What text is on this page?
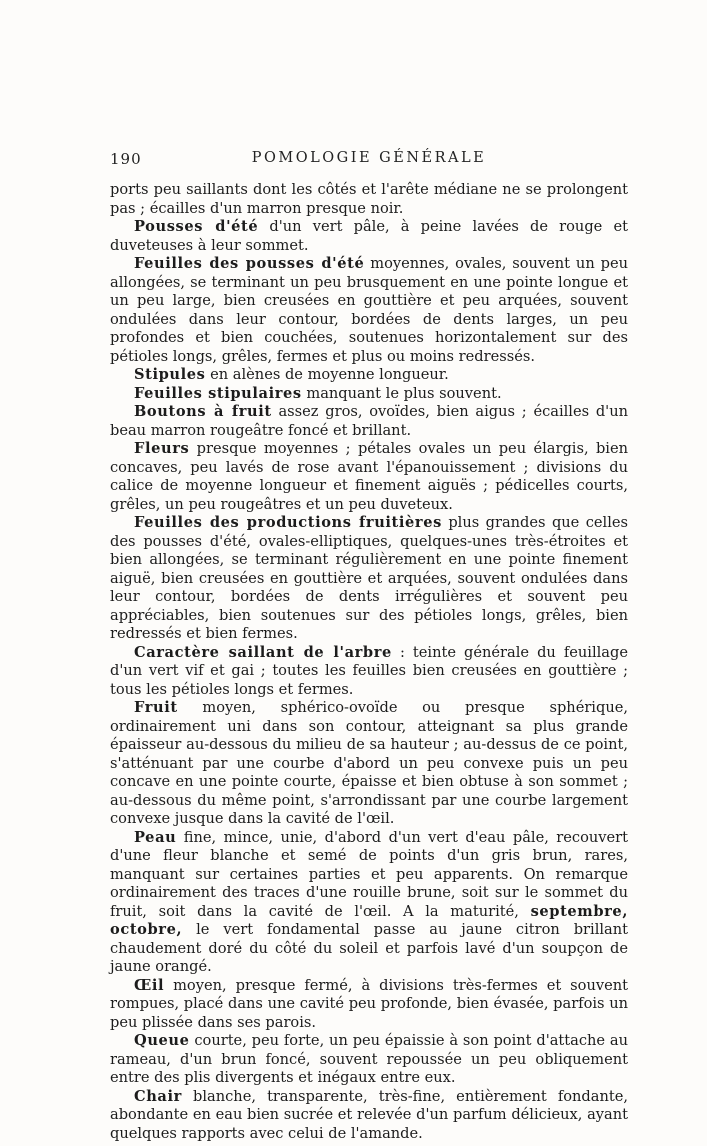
190	POMOLOGIE GÉNÉRALE

ports peu saillants dont les côtés et l'arête médiane ne se prolongent pas ; écailles d'un marron presque noir.

Pousses d'été d'un vert pâle, à peine lavées de rouge et duveteuses à leur sommet.

Feuilles des pousses d'été moyennes, ovales, souvent un peu allongées, se terminant un peu brusquement en une pointe longue et un peu large, bien creusées en gouttière et peu arquées, souvent ondulées dans leur contour, bordées de dents larges, un peu profondes et bien couchées, soutenues horizontalement sur des pétioles longs, grêles, fermes et plus ou moins redressés.

Stipules en alènes de moyenne longueur.

Feuilles stipulaires manquant le plus souvent.

Boutons à fruit assez gros, ovoïdes, bien aigus ; écailles d'un beau marron rougeâtre foncé et brillant.

Fleurs presque moyennes ; pétales ovales un peu élargis, bien concaves, peu lavés de rose avant l'épanouissement ; divisions du calice de moyenne longueur et finement aiguës ; pédicelles courts, grêles, un peu rougeâtres et un peu duveteux.

Feuilles des productions fruitières plus grandes que celles des pousses d'été, ovales-elliptiques, quelques-unes très-étroites et bien allongées, se terminant régulièrement en une pointe finement aiguë, bien creusées en gouttière et arquées, souvent ondulées dans leur contour, bordées de dents irrégulières et souvent peu appréciables, bien soutenues sur des pétioles longs, grêles, bien redressés et bien fermes.

Caractère saillant de l'arbre : teinte générale du feuillage d'un vert vif et gai ; toutes les feuilles bien creusées en gouttière ; tous les pétioles longs et fermes.

Fruit moyen, sphérico-ovoïde ou presque sphérique, ordinairement uni dans son contour, atteignant sa plus grande épaisseur au-dessous du milieu de sa hauteur ; au-dessus de ce point, s'atténuant par une courbe d'abord un peu convexe puis un peu concave en une pointe courte, épaisse et bien obtuse à son sommet ; au-dessous du même point, s'arrondissant par une courbe largement convexe jusque dans la cavité de l'œil.

Peau fine, mince, unie, d'abord d'un vert d'eau pâle, recouvert d'une fleur blanche et semé de points d'un gris brun, rares, manquant sur certaines parties et peu apparents. On remarque ordinairement des traces d'une rouille brune, soit sur le sommet du fruit, soit dans la cavité de l'œil. A la maturité, septembre, octobre, le vert fondamental passe au jaune citron brillant chaudement doré du côté du soleil et parfois lavé d'un soupçon de jaune orangé.

Œil moyen, presque fermé, à divisions très-fermes et souvent rompues, placé dans une cavité peu profonde, bien évasée, parfois un peu plissée dans ses parois.

Queue courte, peu forte, un peu épaissie à son point d'attache au rameau, d'un brun foncé, souvent repoussée un peu obliquement entre des plis divergents et inégaux entre eux.

Chair blanche, transparente, très-fine, entièrement fondante, abondante en eau bien sucrée et relevée d'un parfum délicieux, ayant quelques rapports avec celui de l'amande.
